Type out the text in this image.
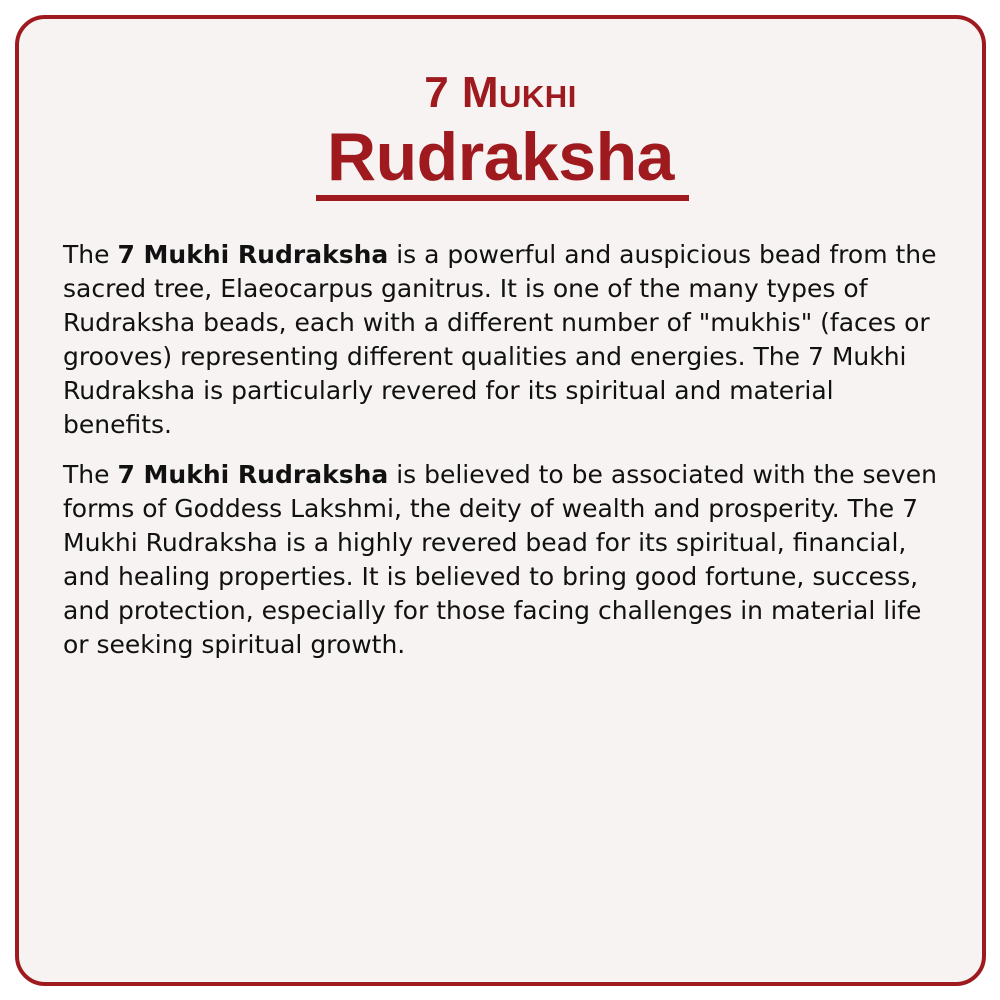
7 Mukhi
Rudraksha

The 7 Mukhi Rudraksha is a powerful and auspicious bead from the sacred tree, Elaeocarpus ganitrus. It is one of the many types of Rudraksha beads, each with a different number of "mukhis" (faces or grooves) representing different qualities and energies. The 7 Mukhi Rudraksha is particularly revered for its spiritual and material benefits.

The 7 Mukhi Rudraksha is believed to be associated with the seven forms of Goddess Lakshmi, the deity of wealth and prosperity. The 7 Mukhi Rudraksha is a highly revered bead for its spiritual, financial, and healing properties. It is believed to bring good fortune, success, and protection, especially for those facing challenges in material life or seeking spiritual growth.
